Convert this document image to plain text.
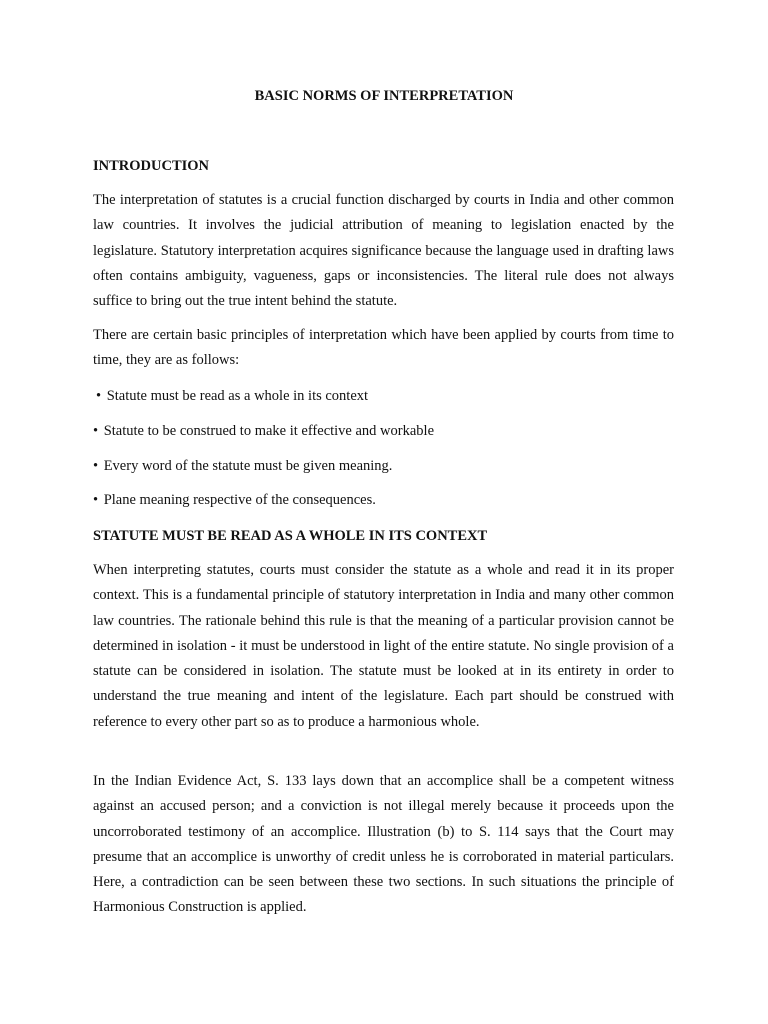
BASIC NORMS OF INTERPRETATION
INTRODUCTION

The interpretation of statutes is a crucial function discharged by courts in India and other common law countries. It involves the judicial attribution of meaning to legislation enacted by the legislature. Statutory interpretation acquires significance because the language used in drafting laws often contains ambiguity, vagueness, gaps or inconsistencies. The literal rule does not always suffice to bring out the true intent behind the statute.

There are certain basic principles of interpretation which have been applied by courts from time to time, they are as follows:

• Statute must be read as a whole in its context
• Statute to be construed to make it effective and workable
• Every word of the statute must be given meaning.
• Plane meaning respective of the consequences.
STATUTE MUST BE READ AS A WHOLE IN ITS CONTEXT

When interpreting statutes, courts must consider the statute as a whole and read it in its proper context. This is a fundamental principle of statutory interpretation in India and many other common law countries. The rationale behind this rule is that the meaning of a particular provision cannot be determined in isolation - it must be understood in light of the entire statute. No single provision of a statute can be considered in isolation. The statute must be looked at in its entirety in order to understand the true meaning and intent of the legislature. Each part should be construed with reference to every other part so as to produce a harmonious whole.

In the Indian Evidence Act, S. 133 lays down that an accomplice shall be a competent witness against an accused person; and a conviction is not illegal merely because it proceeds upon the uncorroborated testimony of an accomplice. Illustration (b) to S. 114 says that the Court may presume that an accomplice is unworthy of credit unless he is corroborated in material particulars. Here, a contradiction can be seen between these two sections. In such situations the principle of Harmonious Construction is applied.
